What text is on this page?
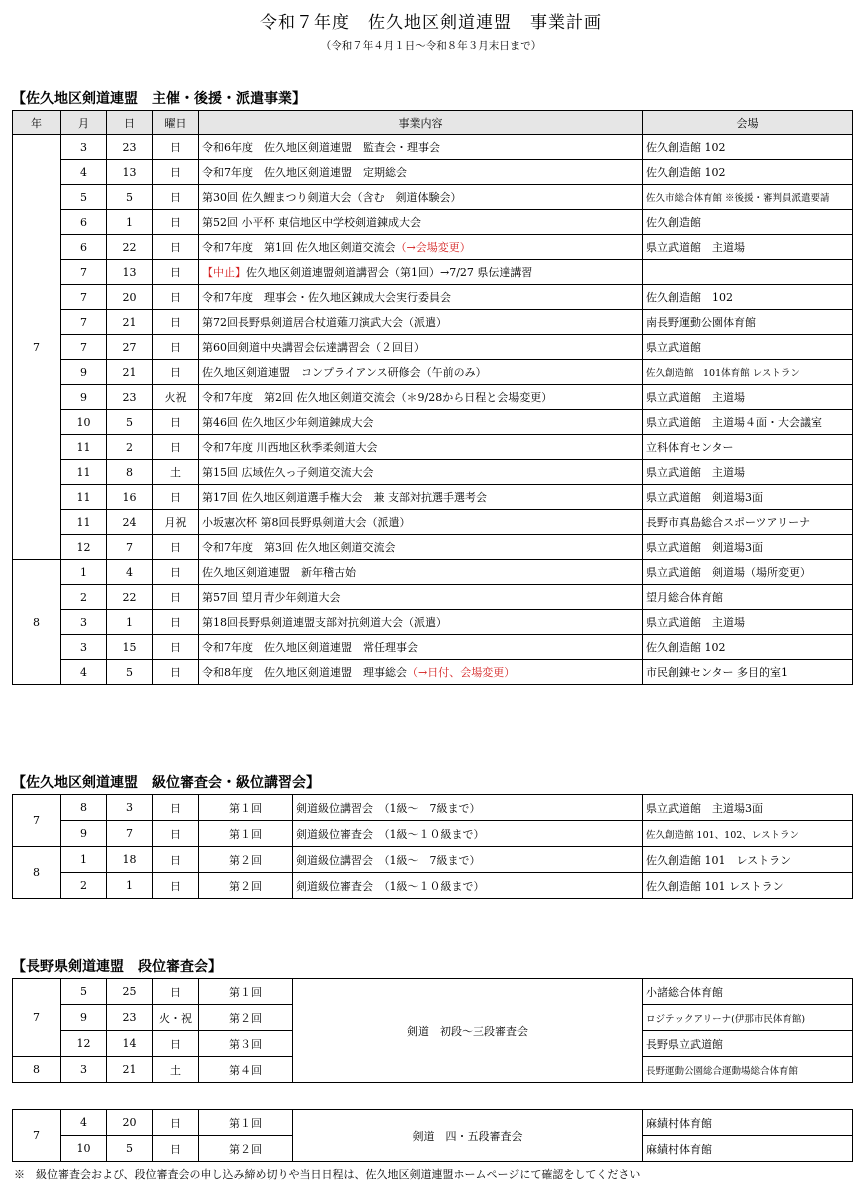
令和７年度　佐久地区剣道連盟　事業計画
（令和７年４月１日〜令和８年３月末日まで）
【佐久地区剣道連盟　主催・後援・派遣事業】
年	月	日	曜日	事業内容	会場
7	3	23	日	令和6年度　佐久地区剣道連盟　監査会・理事会	佐久創造館 102
	4	13	日	令和7年度　佐久地区剣道連盟　定期総会	佐久創造館 102
	5	5	日	第30回 佐久鯉まつり剣道大会（含む　剣道体験会）	佐久市総合体育館 ※後援・審判員派遣要請
	6	1	日	第52回 小平杯 東信地区中学校剣道錬成大会	佐久創造館
	6	22	日	令和7年度　第1回 佐久地区剣道交流会（→会場変更）	県立武道館　主道場
	7	13	日	【中止】佐久地区剣道連盟剣道講習会（第1回）→7/27 県伝達講習	
	7	20	日	令和7年度　理事会・佐久地区錬成大会実行委員会	佐久創造館　102
	7	21	日	第72回長野県剣道居合杖道薙刀演武大会（派遣）	南長野運動公園体育館
	7	27	日	第60回剣道中央講習会伝達講習会（２回目）	県立武道館
	9	21	日	佐久地区剣道連盟　コンプライアンス研修会（午前のみ）	佐久創造館　101体育館 レストラン
	9	23	火祝	令和7年度　第2回 佐久地区剣道交流会（＊9/28から日程と会場変更）	県立武道館　主道場
	10	5	日	第46回 佐久地区少年剣道錬成大会	県立武道館　主道場４面・大会議室
	11	2	日	令和7年度 川西地区秋季柔剣道大会	立科体育センター
	11	8	土	第15回 広域佐久っ子剣道交流大会	県立武道館　主道場
	11	16	日	第17回 佐久地区剣道選手権大会　兼 支部対抗選手選考会	県立武道館　剣道場3面
	11	24	月祝	小坂憲次杯 第8回長野県剣道大会（派遣）	長野市真島総合スポーツアリーナ
	12	7	日	令和7年度　第3回 佐久地区剣道交流会	県立武道館　剣道場3面
8	1	4	日	佐久地区剣道連盟　新年稽古始	県立武道館　剣道場（場所変更）
	2	22	日	第57回 望月青少年剣道大会	望月総合体育館
	3	1	日	第18回長野県剣道連盟支部対抗剣道大会（派遣）	県立武道館　主道場
	3	15	日	令和7年度　佐久地区剣道連盟　常任理事会	佐久創造館 102
	4	5	日	令和8年度　佐久地区剣道連盟　理事総会（→日付、会場変更）	市民創錬センター 多目的室1
【佐久地区剣道連盟　級位審査会・級位講習会】
7	8	3	日	第１回	剣道級位講習会　（1級〜　7級まで）	県立武道館　主道場3面
	9	7	日	第１回	剣道級位審査会　（1級〜１０級まで）	佐久創造館 101、102、レストラン
8	1	18	日	第２回	剣道級位講習会　（1級〜　7級まで）	佐久創造館 101　レストラン
	2	1	日	第２回	剣道級位審査会　（1級〜１０級まで）	佐久創造館 101 レストラン
【長野県剣道連盟　段位審査会】
7	5	25	日	第１回	剣道　初段〜三段審査会	小諸総合体育館
	9	23	火・祝	第２回		ロジテックアリーナ(伊那市民体育館)
	12	14	日	第３回		長野県立武道館
8	3	21	土	第４回		長野運動公園総合運動場総合体育館
7	4	20	日	第１回	剣道　四・五段審査会	麻績村体育館
	10	5	日	第２回		麻績村体育館
※　級位審査会および、段位審査会の申し込み締め切りや当日日程は、佐久地区剣道連盟ホームページにて確認をしてください
